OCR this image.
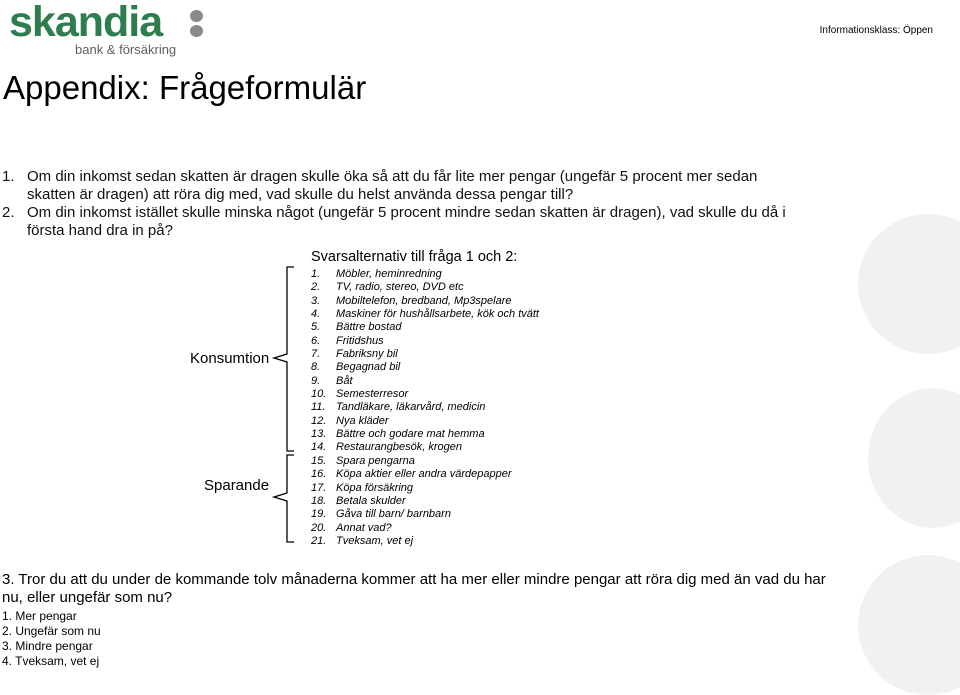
skandia
bank & försäkring
Informationsklass: Öppen
Appendix: Frågeformulär
1. Om din inkomst sedan skatten är dragen skulle öka så att du får lite mer pengar (ungefär 5 procent mer sedan skatten är dragen) att röra dig med, vad skulle du helst använda dessa pengar till?
2. Om din inkomst istället skulle minska något (ungefär 5 procent mindre sedan skatten är dragen), vad skulle du då i första hand dra in på?
Svarsalternativ till fråga 1 och 2:
1. Möbler, heminredning
2. TV, radio, stereo, DVD etc
3. Mobiltelefon, bredband, Mp3spelare
4. Maskiner för hushållsarbete, kök och tvätt
5. Bättre bostad
6. Fritidshus
7. Fabriksny bil
8. Begagnad bil
9. Båt
10. Semesterresor
11. Tandläkare, läkarvård, medicin
12. Nya kläder
13. Bättre och godare mat hemma
14. Restaurangbesök, krogen
15. Spara pengarna
16. Köpa aktier eller andra värdepapper
17. Köpa försäkring
18. Betala skulder
19. Gåva till barn/ barnbarn
20. Annat vad?
21. Tveksam, vet ej
Konsumtion
Sparande
3. Tror du att du under de kommande tolv månaderna kommer att ha mer eller mindre pengar att röra dig med än vad du har nu, eller ungefär som nu?
1. Mer pengar
2. Ungefär som nu
3. Mindre pengar
4. Tveksam, vet ej
